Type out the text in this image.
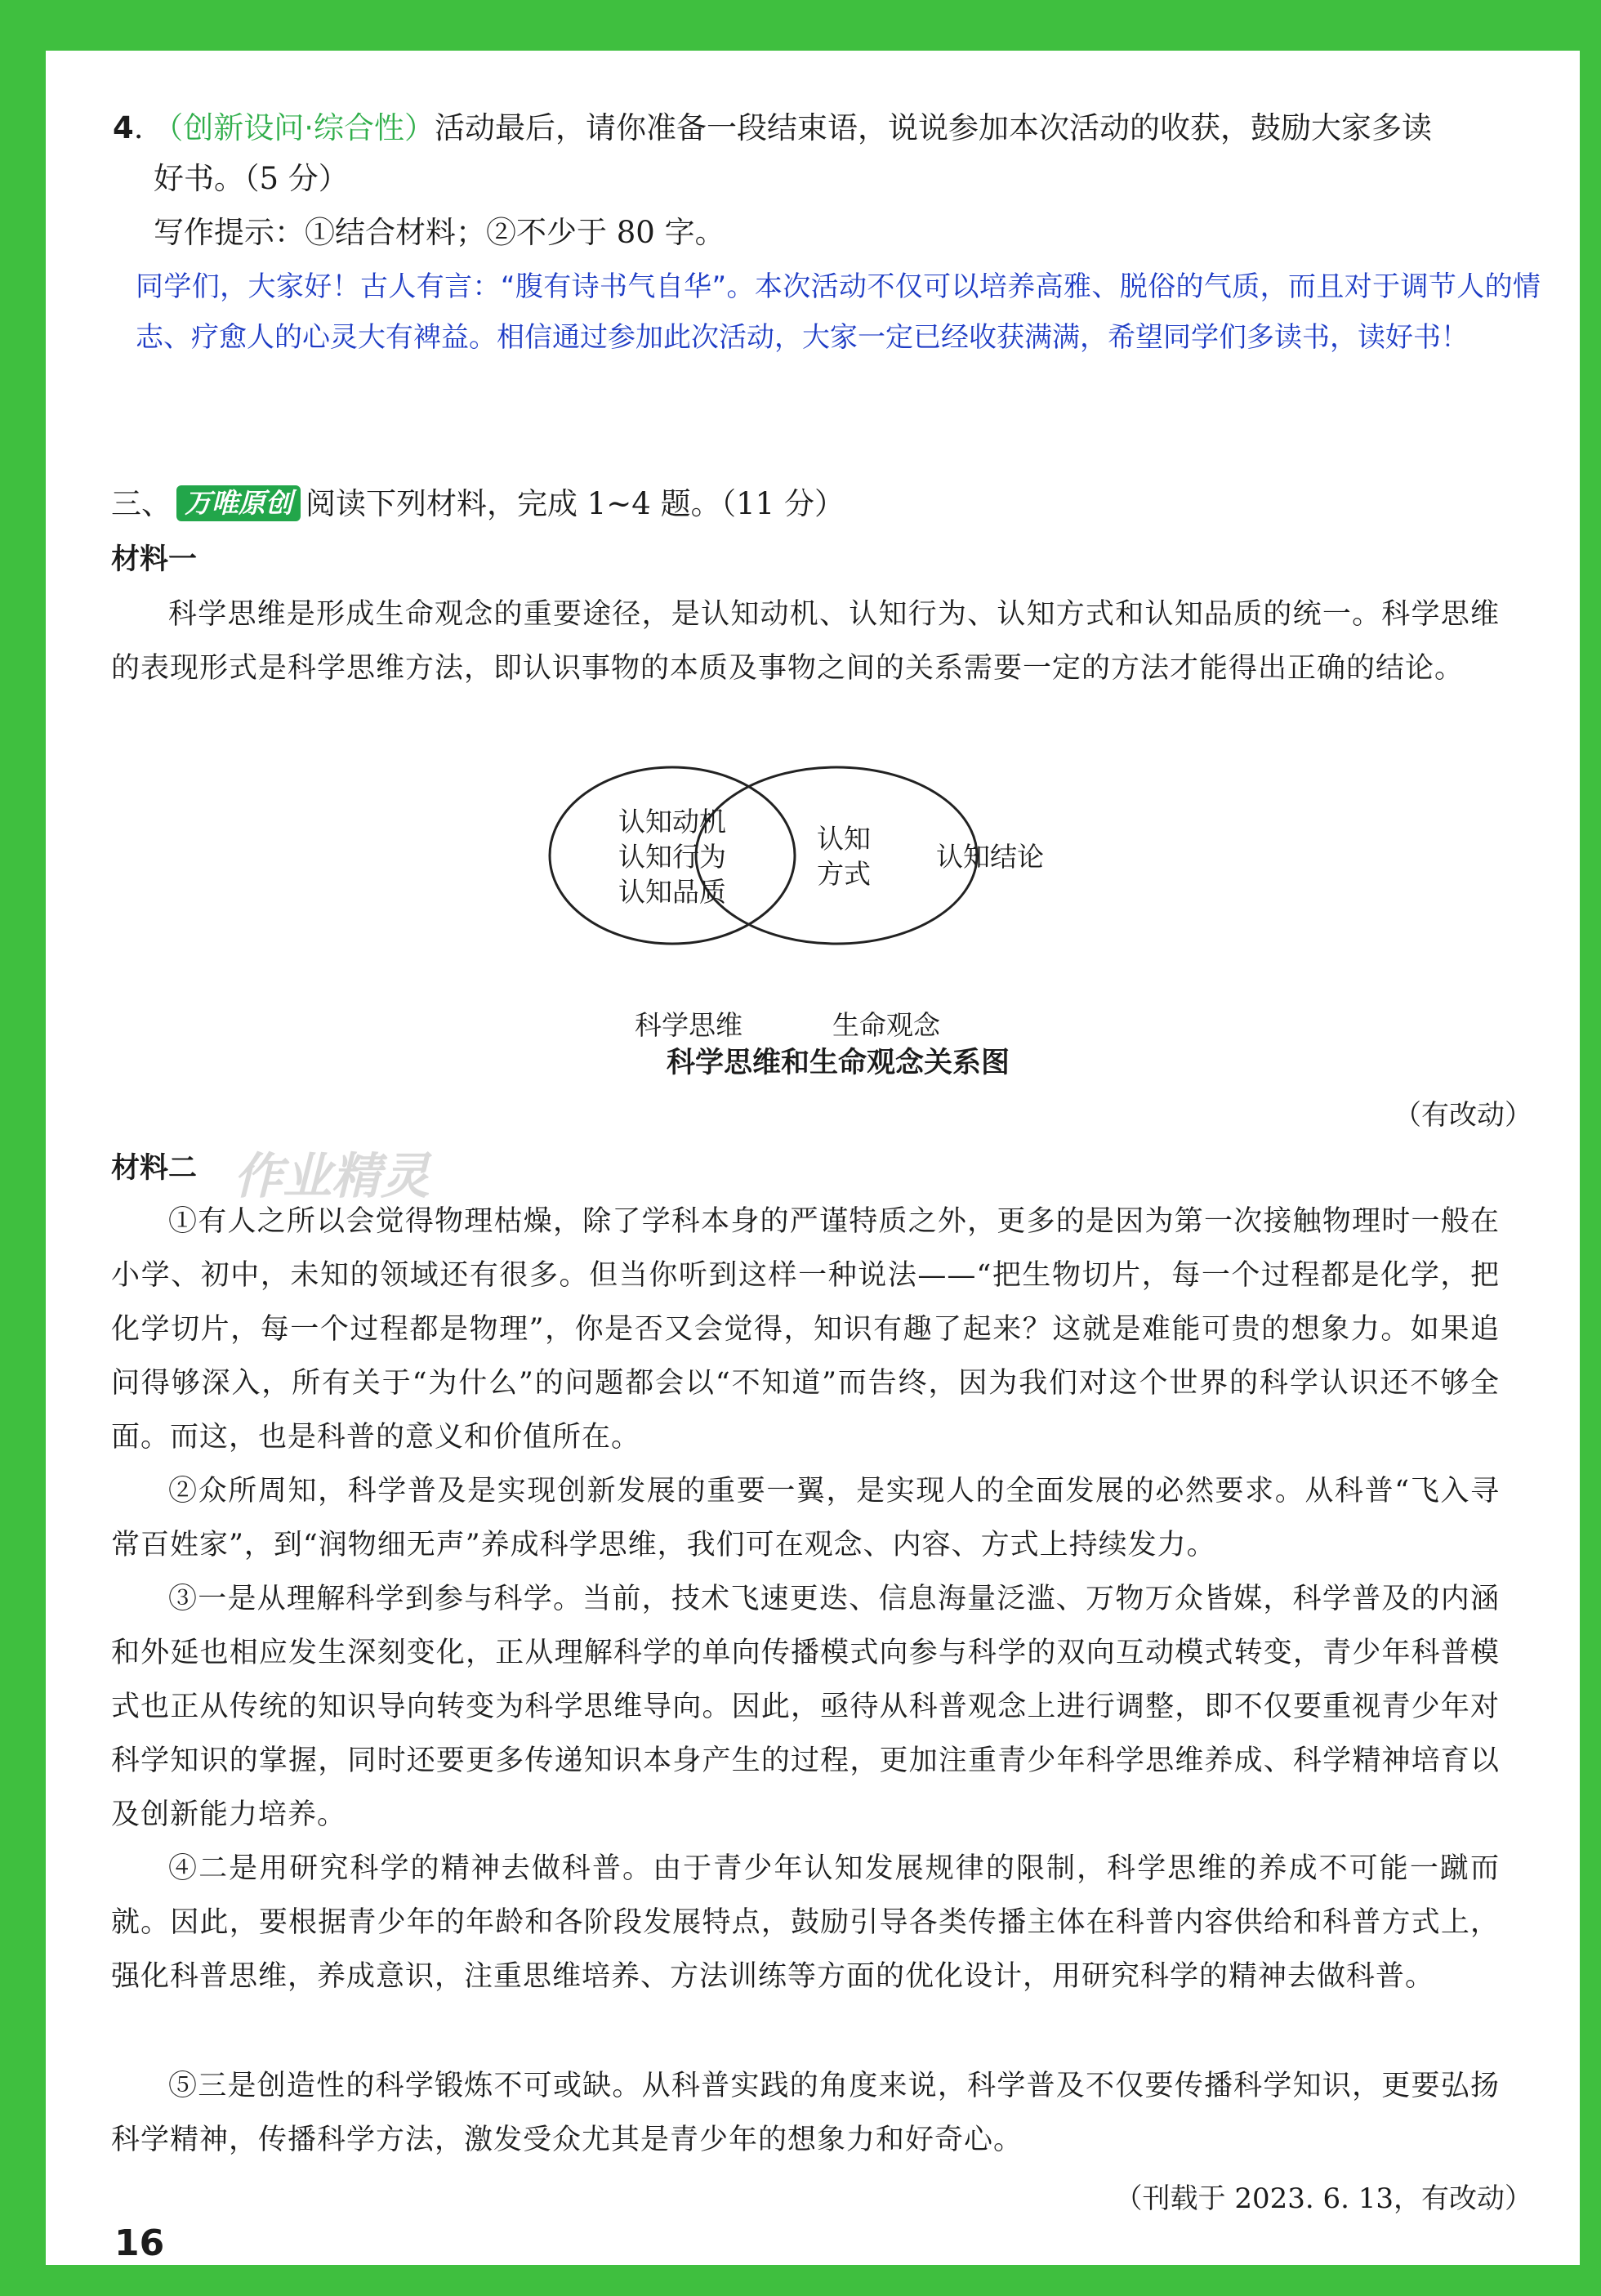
4. （创新设问·综合性）活动最后，请你准备一段结束语，说说参加本次活动的收获，鼓励大家多读
好书。（5 分）
写作提示：①结合材料；②不少于 80 字。
同学们，大家好！古人有言：“腹有诗书气自华”。本次活动不仅可以培养高雅、脱俗的气质，而且对于调节人的情志、疗愈人的心灵大有裨益。相信通过参加此次活动，大家一定已经收获满满，希望同学们多读书，读好书！
三、 万唯原创 阅读下列材料，完成 1~4 题。（11 分）
材料一
科学思维是形成生命观念的重要途径，是认知动机、认知行为、认知方式和认知品质的统一。科学思维的表现形式是科学思维方法，即认识事物的本质及事物之间的关系需要一定的方法才能得出正确的结论。
认知动机
认知行为
认知品质
认知
方式
认知结论
科学思维	生命观念
科学思维和生命观念关系图
（有改动）
材料二 作业精灵
①有人之所以会觉得物理枯燥，除了学科本身的严谨特质之外，更多的是因为第一次接触物理时一般在小学、初中，未知的领域还有很多。但当你听到这样一种说法——“把生物切片，每一个过程都是化学，把化学切片，每一个过程都是物理”，你是否又会觉得，知识有趣了起来？这就是难能可贵的想象力。如果追问得够深入，所有关于“为什么”的问题都会以“不知道”而告终，因为我们对这个世界的科学认识还不够全面。而这，也是科普的意义和价值所在。
②众所周知，科学普及是实现创新发展的重要一翼，是实现人的全面发展的必然要求。从科普“飞入寻常百姓家”，到“润物细无声”养成科学思维，我们可在观念、内容、方式上持续发力。
③一是从理解科学到参与科学。当前，技术飞速更迭、信息海量泛滥、万物万众皆媒，科学普及的内涵和外延也相应发生深刻变化，正从理解科学的单向传播模式向参与科学的双向互动模式转变，青少年科普模式也正从传统的知识导向转变为科学思维导向。因此，亟待从科普观念上进行调整，即不仅要重视青少年对科学知识的掌握，同时还要更多传递知识本身产生的过程，更加注重青少年科学思维养成、科学精神培育以及创新能力培养。
④二是用研究科学的精神去做科普。由于青少年认知发展规律的限制，科学思维的养成不可能一蹴而就。因此，要根据青少年的年龄和各阶段发展特点，鼓励引导各类传播主体在科普内容供给和科普方式上，强化科普思维，养成意识，注重思维培养、方法训练等方面的优化设计，用研究科学的精神去做科普。
⑤三是创造性的科学锻炼不可或缺。从科普实践的角度来说，科学普及不仅要传播科学知识，更要弘扬科学精神，传播科学方法，激发受众尤其是青少年的想象力和好奇心。
（刊载于 2023. 6. 13，有改动）
16
